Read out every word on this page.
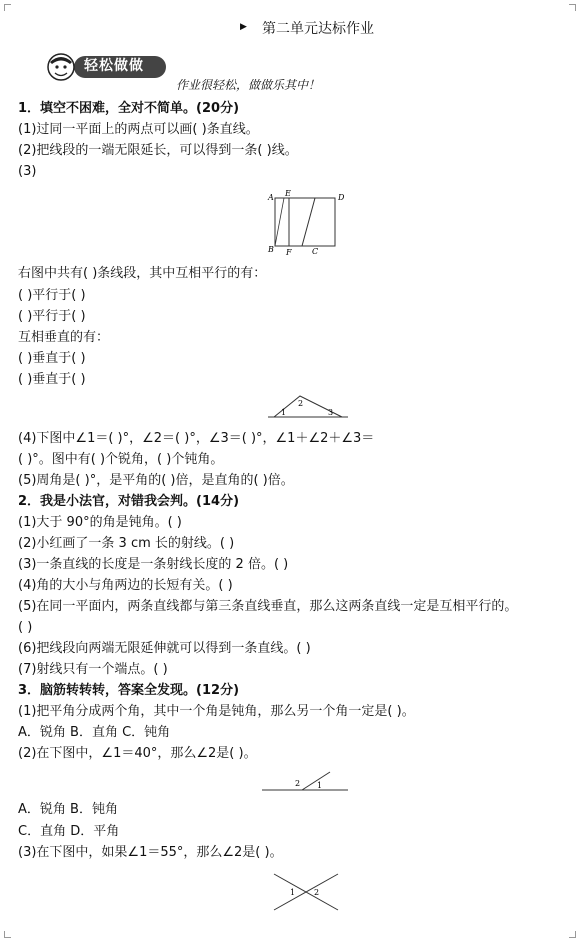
▶ 第二单元达标作业
轻松做做
作业很轻松，做做乐其中！
1．填空不困难，全对不简单。(20分)
(1)过同一平面上的两点可以画( )条直线。
(2)把线段的一端无限延长，可以得到一条( )线。
(3)
A E	D
B F	C
右图中共有( )条线段，其中互相平行的有：
( )平行于( )
( )平行于( )
互相垂直的有：
( )垂直于( )
( )垂直于( )
1
2
3
(4)下图中∠1＝( )°，∠2＝( )°，∠3＝( )°，∠1＋∠2＋∠3＝
( )°。图中有( )个锐角，( )个钝角。
(5)周角是( )°，是平角的( )倍，是直角的( )倍。
2．我是小法官，对错我会判。(14分)
(1)大于 90°的角是钝角。( )
(2)小红画了一条 3 cm 长的射线。( )
(3)一条直线的长度是一条射线长度的 2 倍。( )
(4)角的大小与角两边的长短有关。( )
(5)在同一平面内，两条直线都与第三条直线垂直，那么这两条直线一定是互相平行的。
( )
(6)把线段向两端无限延伸就可以得到一条直线。( )
(7)射线只有一个端点。( )
3．脑筋转转转，答案全发现。(12分)
(1)把平角分成两个角，其中一个角是钝角，那么另一个角一定是( )。
A．锐角 B．直角 C．钝角
(2)在下图中，∠1＝40°，那么∠2是( )。
2 1
A．锐角 B．钝角
C．直角 D．平角
(3)在下图中，如果∠1＝55°，那么∠2是( )。
1 2
